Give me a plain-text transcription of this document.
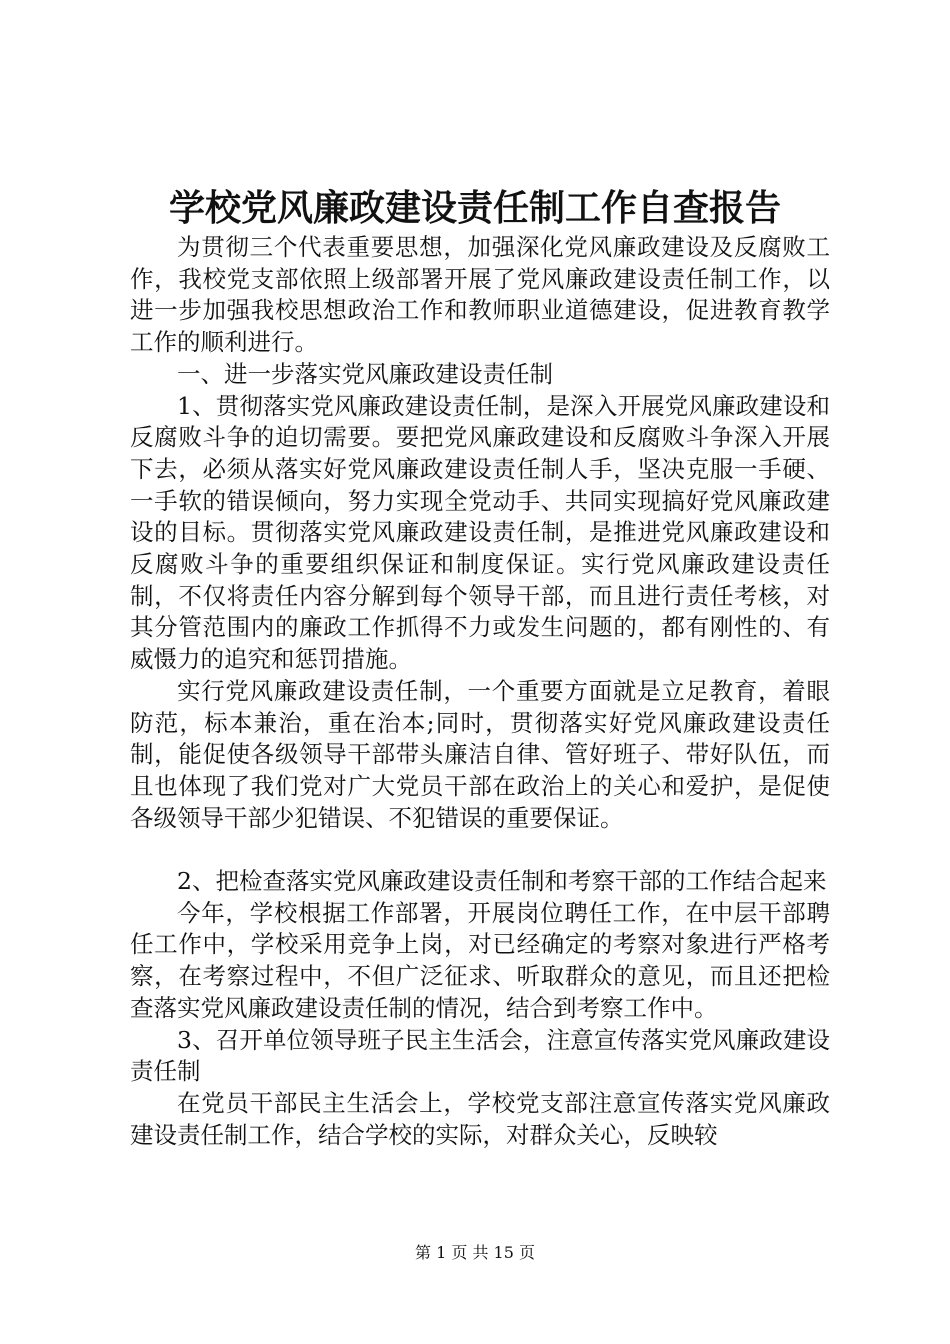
学校党风廉政建设责任制工作自查报告

为贯彻三个代表重要思想，加强深化党风廉政建设及反腐败工作，我校党支部依照上级部署开展了党风廉政建设责任制工作，以进一步加强我校思想政治工作和教师职业道德建设，促进教育教学工作的顺利进行。

一、进一步落实党风廉政建设责任制

1、贯彻落实党风廉政建设责任制，是深入开展党风廉政建设和反腐败斗争的迫切需要。要把党风廉政建设和反腐败斗争深入开展下去，必须从落实好党风廉政建设责任制人手，坚决克服一手硬、一手软的错误倾向，努力实现全党动手、共同实现搞好党风廉政建设的目标。贯彻落实党风廉政建设责任制，是推进党风廉政建设和反腐败斗争的重要组织保证和制度保证。实行党风廉政建设责任制，不仅将责任内容分解到每个领导干部，而且进行责任考核，对其分管范围内的廉政工作抓得不力或发生问题的，都有刚性的、有威慑力的追究和惩罚措施。

实行党风廉政建设责任制，一个重要方面就是立足教育，着眼防范，标本兼治，重在治本;同时，贯彻落实好党风廉政建设责任制，能促使各级领导干部带头廉洁自律、管好班子、带好队伍，而且也体现了我们党对广大党员干部在政治上的关心和爱护，是促使各级领导干部少犯错误、不犯错误的重要保证。

2、把检查落实党风廉政建设责任制和考察干部的工作结合起来

今年，学校根据工作部署，开展岗位聘任工作，在中层干部聘任工作中，学校采用竞争上岗，对已经确定的考察对象进行严格考察，在考察过程中，不但广泛征求、听取群众的意见，而且还把检查落实党风廉政建设责任制的情况，结合到考察工作中。

3、召开单位领导班子民主生活会，注意宣传落实党风廉政建设责任制

在党员干部民主生活会上，学校党支部注意宣传落实党风廉政建设责任制工作，结合学校的实际，对群众关心，反映较

第 1 页 共 15 页
